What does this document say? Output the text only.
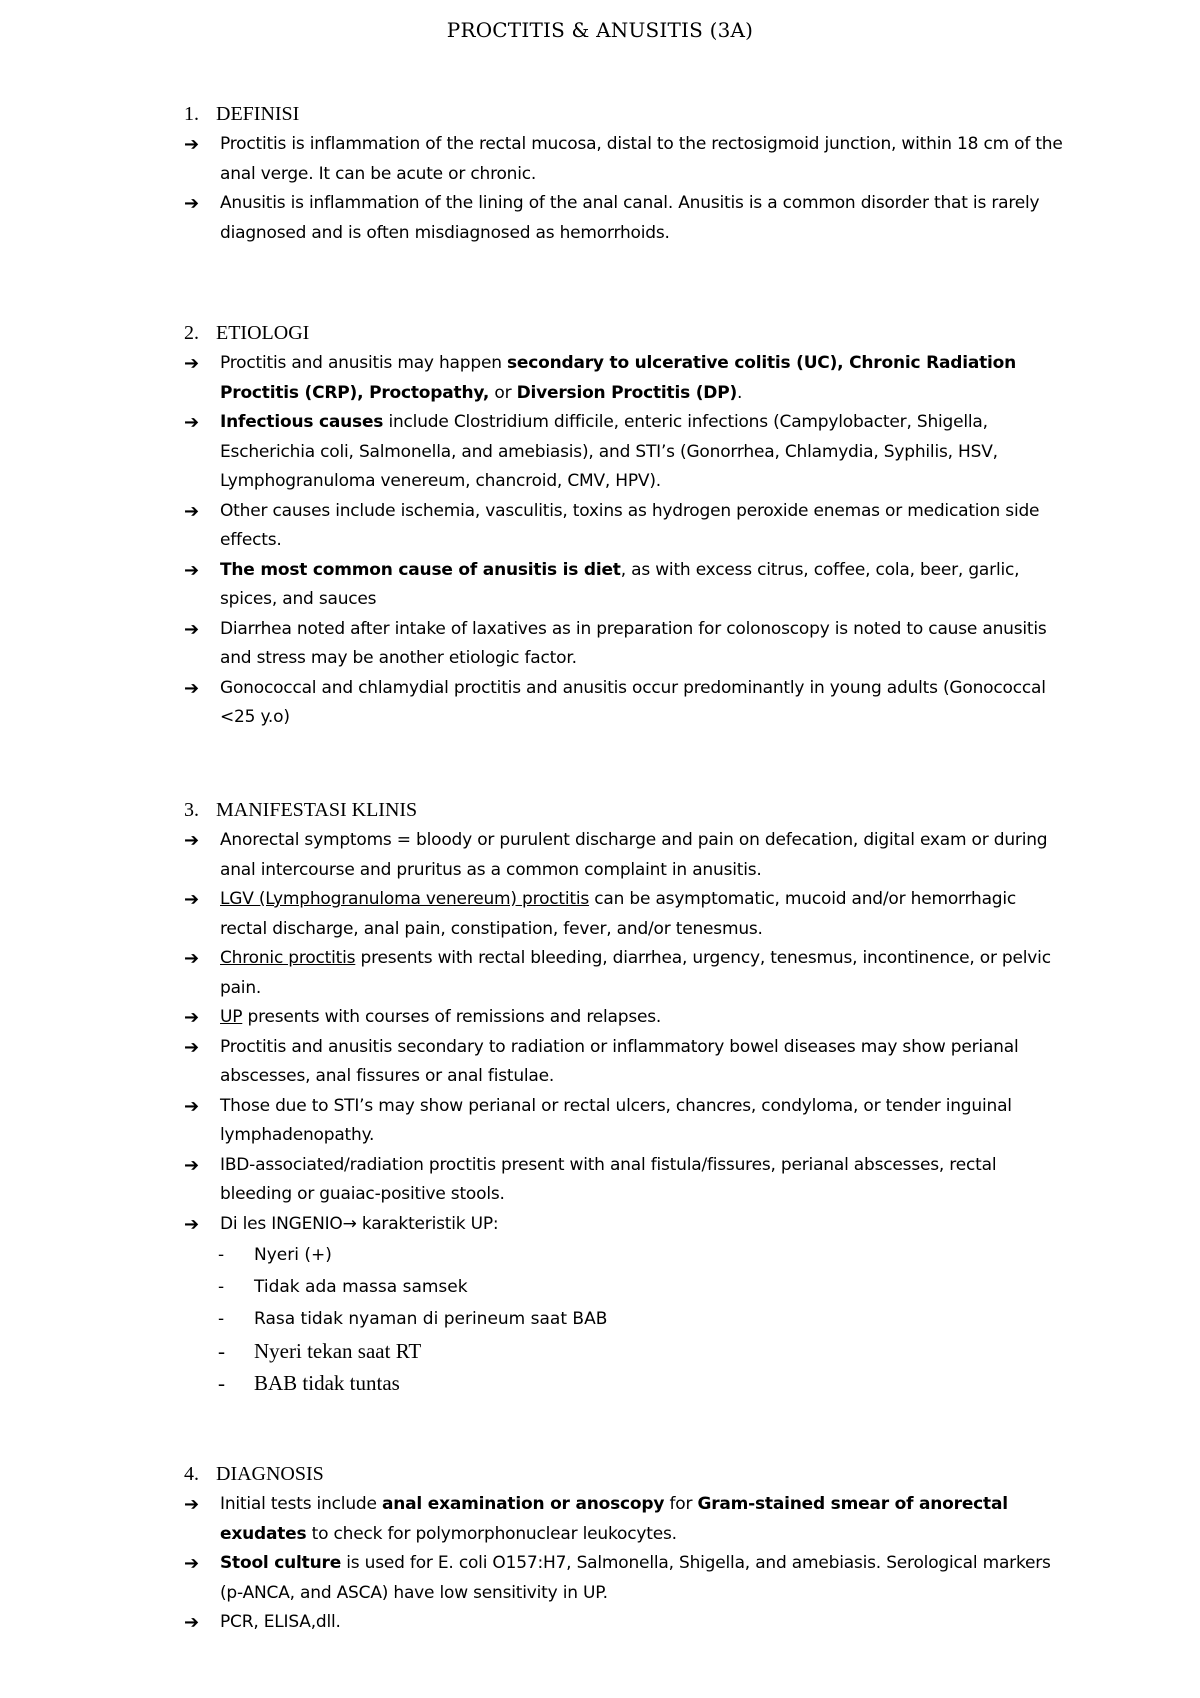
PROCTITIS & ANUSITIS (3A)
1. DEFINISI
➔ Proctitis is inflammation of the rectal mucosa, distal to the rectosigmoid junction, within 18 cm of the anal verge. It can be acute or chronic.
➔ Anusitis is inflammation of the lining of the anal canal. Anusitis is a common disorder that is rarely diagnosed and is often misdiagnosed as hemorrhoids.
2. ETIOLOGI
➔ Proctitis and anusitis may happen secondary to ulcerative colitis (UC), Chronic Radiation Proctitis (CRP), Proctopathy, or Diversion Proctitis (DP).
➔ Infectious causes include Clostridium difficile, enteric infections (Campylobacter, Shigella, Escherichia coli, Salmonella, and amebiasis), and STI’s (Gonorrhea, Chlamydia, Syphilis, HSV, Lymphogranuloma venereum, chancroid, CMV, HPV).
➔ Other causes include ischemia, vasculitis, toxins as hydrogen peroxide enemas or medication side effects.
➔ The most common cause of anusitis is diet, as with excess citrus, coffee, cola, beer, garlic, spices, and sauces
➔ Diarrhea noted after intake of laxatives as in preparation for colonoscopy is noted to cause anusitis and stress may be another etiologic factor.
➔ Gonococcal and chlamydial proctitis and anusitis occur predominantly in young adults (Gonococcal <25 y.o)
3. MANIFESTASI KLINIS
➔ Anorectal symptoms = bloody or purulent discharge and pain on defecation, digital exam or during anal intercourse and pruritus as a common complaint in anusitis.
➔ LGV (Lymphogranuloma venereum) proctitis can be asymptomatic, mucoid and/or hemorrhagic rectal discharge, anal pain, constipation, fever, and/or tenesmus.
➔ Chronic proctitis presents with rectal bleeding, diarrhea, urgency, tenesmus, incontinence, or pelvic pain.
➔ UP presents with courses of remissions and relapses.
➔ Proctitis and anusitis secondary to radiation or inflammatory bowel diseases may show perianal abscesses, anal fissures or anal fistulae.
➔ Those due to STI’s may show perianal or rectal ulcers, chancres, condyloma, or tender inguinal lymphadenopathy.
➔ IBD-associated/radiation proctitis present with anal fistula/fissures, perianal abscesses, rectal bleeding or guaiac-positive stools.
➔ Di les INGENIO→ karakteristik UP:
- Nyeri (+)
- Tidak ada massa samsek
- Rasa tidak nyaman di perineum saat BAB
- Nyeri tekan saat RT
- BAB tidak tuntas
4. DIAGNOSIS
➔ Initial tests include anal examination or anoscopy for Gram-stained smear of anorectal exudates to check for polymorphonuclear leukocytes.
➔ Stool culture is used for E. coli O157:H7, Salmonella, Shigella, and amebiasis. Serological markers (p-ANCA, and ASCA) have low sensitivity in UP.
➔ PCR, ELISA,dll.
